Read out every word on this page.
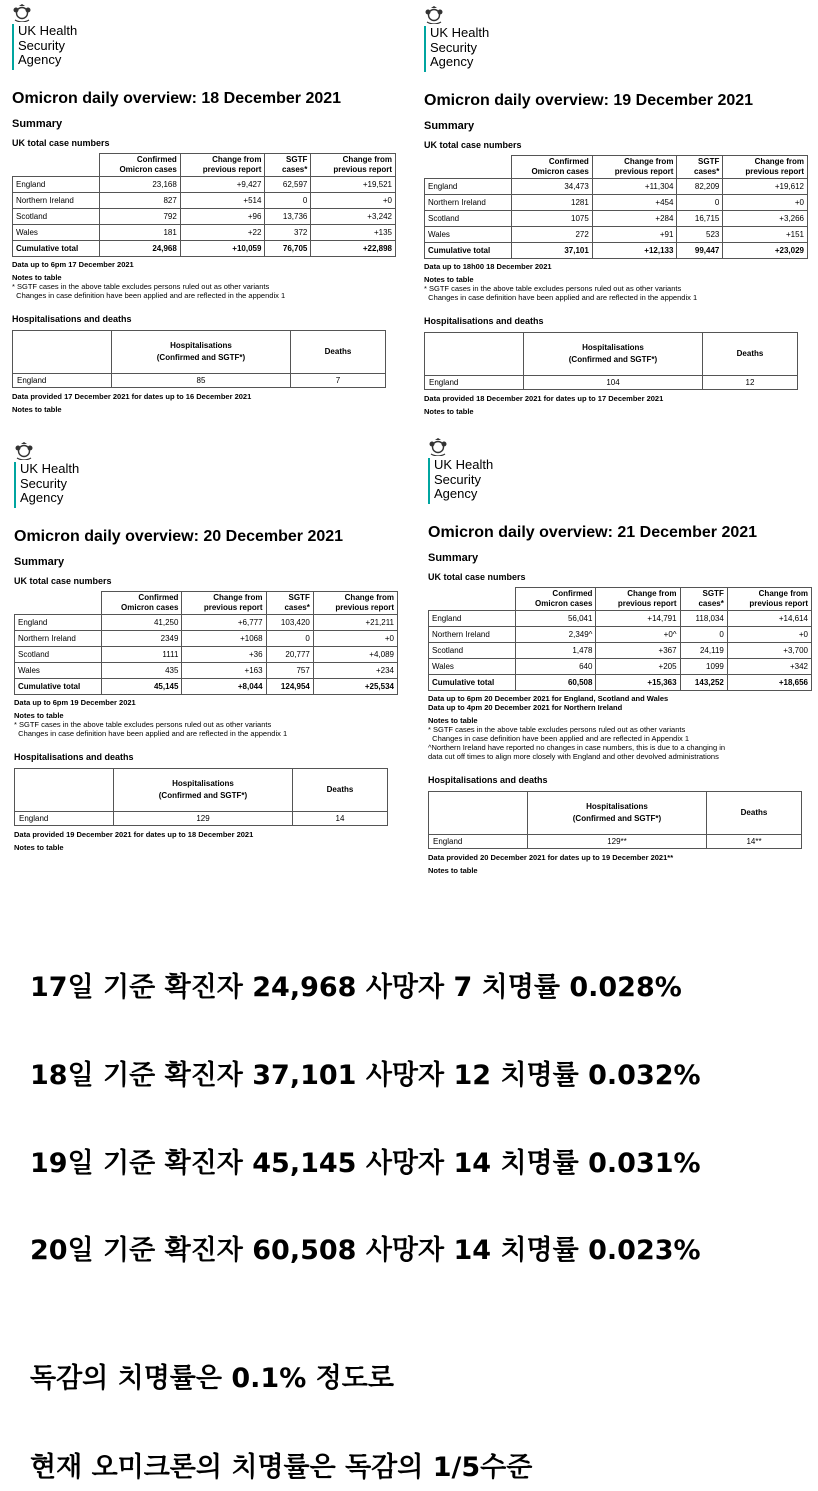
UK Health
Security
Agency
Omicron daily overview: 18 December 2021
Summary
UK total case numbers
	Confirmed Omicron cases	Change from previous report	SGTF cases*	Change from previous report
England	23,168	+9,427	62,597	+19,521
Northern Ireland	827	+514	0	+0
Scotland	792	+96	13,736	+3,242
Wales	181	+22	372	+135
Cumulative total	24,968	+10,059	76,705	+22,898
Data up to 6pm 17 December 2021
Notes to table
* SGTF cases in the above table excludes persons ruled out as other variants
Changes in case definition have been applied and are reflected in the appendix 1
Hospitalisations and deaths

	Hospitalisations
(Confirmed and SGTF*)	Deaths
England	85	7
Data provided 17 December 2021 for dates up to 16 December 2021
Notes to table
UK Health
Security
Agency
Omicron daily overview: 19 December 2021
Summary
UK total case numbers
	Confirmed Omicron cases	Change from previous report	SGTF cases*	Change from previous report
England	34,473	+11,304	82,209	+19,612
Northern Ireland	1281	+454	0	+0
Scotland	1075	+284	16,715	+3,266
Wales	272	+91	523	+151
Cumulative total	37,101	+12,133	99,447	+23,029
Data up to 18h00 18 December 2021
Notes to table
* SGTF cases in the above table excludes persons ruled out as other variants
Changes in case definition have been applied and are reflected in the appendix 1
Hospitalisations and deaths

	Hospitalisations
(Confirmed and SGTF*)	Deaths
England	104	12
Data provided 18 December 2021 for dates up to 17 December 2021
Notes to table
UK Health
Security
Agency
Omicron daily overview: 20 December 2021
Summary
UK total case numbers
	Confirmed Omicron cases	Change from previous report	SGTF cases*	Change from previous report
England	41,250	+6,777	103,420	+21,211
Northern Ireland	2349	+1068	0	+0
Scotland	1111	+36	20,777	+4,089
Wales	435	+163	757	+234
Cumulative total	45,145	+8,044	124,954	+25,534
Data up to 6pm 19 December 2021
Notes to table
* SGTF cases in the above table excludes persons ruled out as other variants
Changes in case definition have been applied and are reflected in the appendix 1
Hospitalisations and deaths

	Hospitalisations
(Confirmed and SGTF*)	Deaths
England	129	14
Data provided 19 December 2021 for dates up to 18 December 2021
Notes to table
UK Health
Security
Agency
Omicron daily overview: 21 December 2021
Summary
UK total case numbers
	Confirmed Omicron cases	Change from previous report	SGTF cases*	Change from previous report
England	56,041	+14,791	118,034	+14,614
Northern Ireland	2,349^	+0^	0	+0
Scotland	1,478	+367	24,119	+3,700
Wales	640	+205	1099	+342
Cumulative total	60,508	+15,363	143,252	+18,656
Data up to 6pm 20 December 2021 for England, Scotland and Wales
Data up to 4pm 20 December 2021 for Northern Ireland
Notes to table
* SGTF cases in the above table excludes persons ruled out as other variants
Changes in case definition have been applied and are reflected in Appendix 1
^Northern Ireland have reported no changes in case numbers, this is due to a changing in
data cut off times to align more closely with England and other devolved administrations
Hospitalisations and deaths

	Hospitalisations
(Confirmed and SGTF*)	Deaths
England	129**	14**
Data provided 20 December 2021 for dates up to 19 December 2021**
Notes to table
17일 기준 확진자 24,968 사망자 7 치명률 0.028%
18일 기준 확진자 37,101 사망자 12 치명률 0.032%
19일 기준 확진자 45,145 사망자 14 치명률 0.031%
20일 기준 확진자 60,508 사망자 14 치명률 0.023%
독감의 치명률은 0.1% 정도로
현재 오미크론의 치명률은 독감의 1/5수준
